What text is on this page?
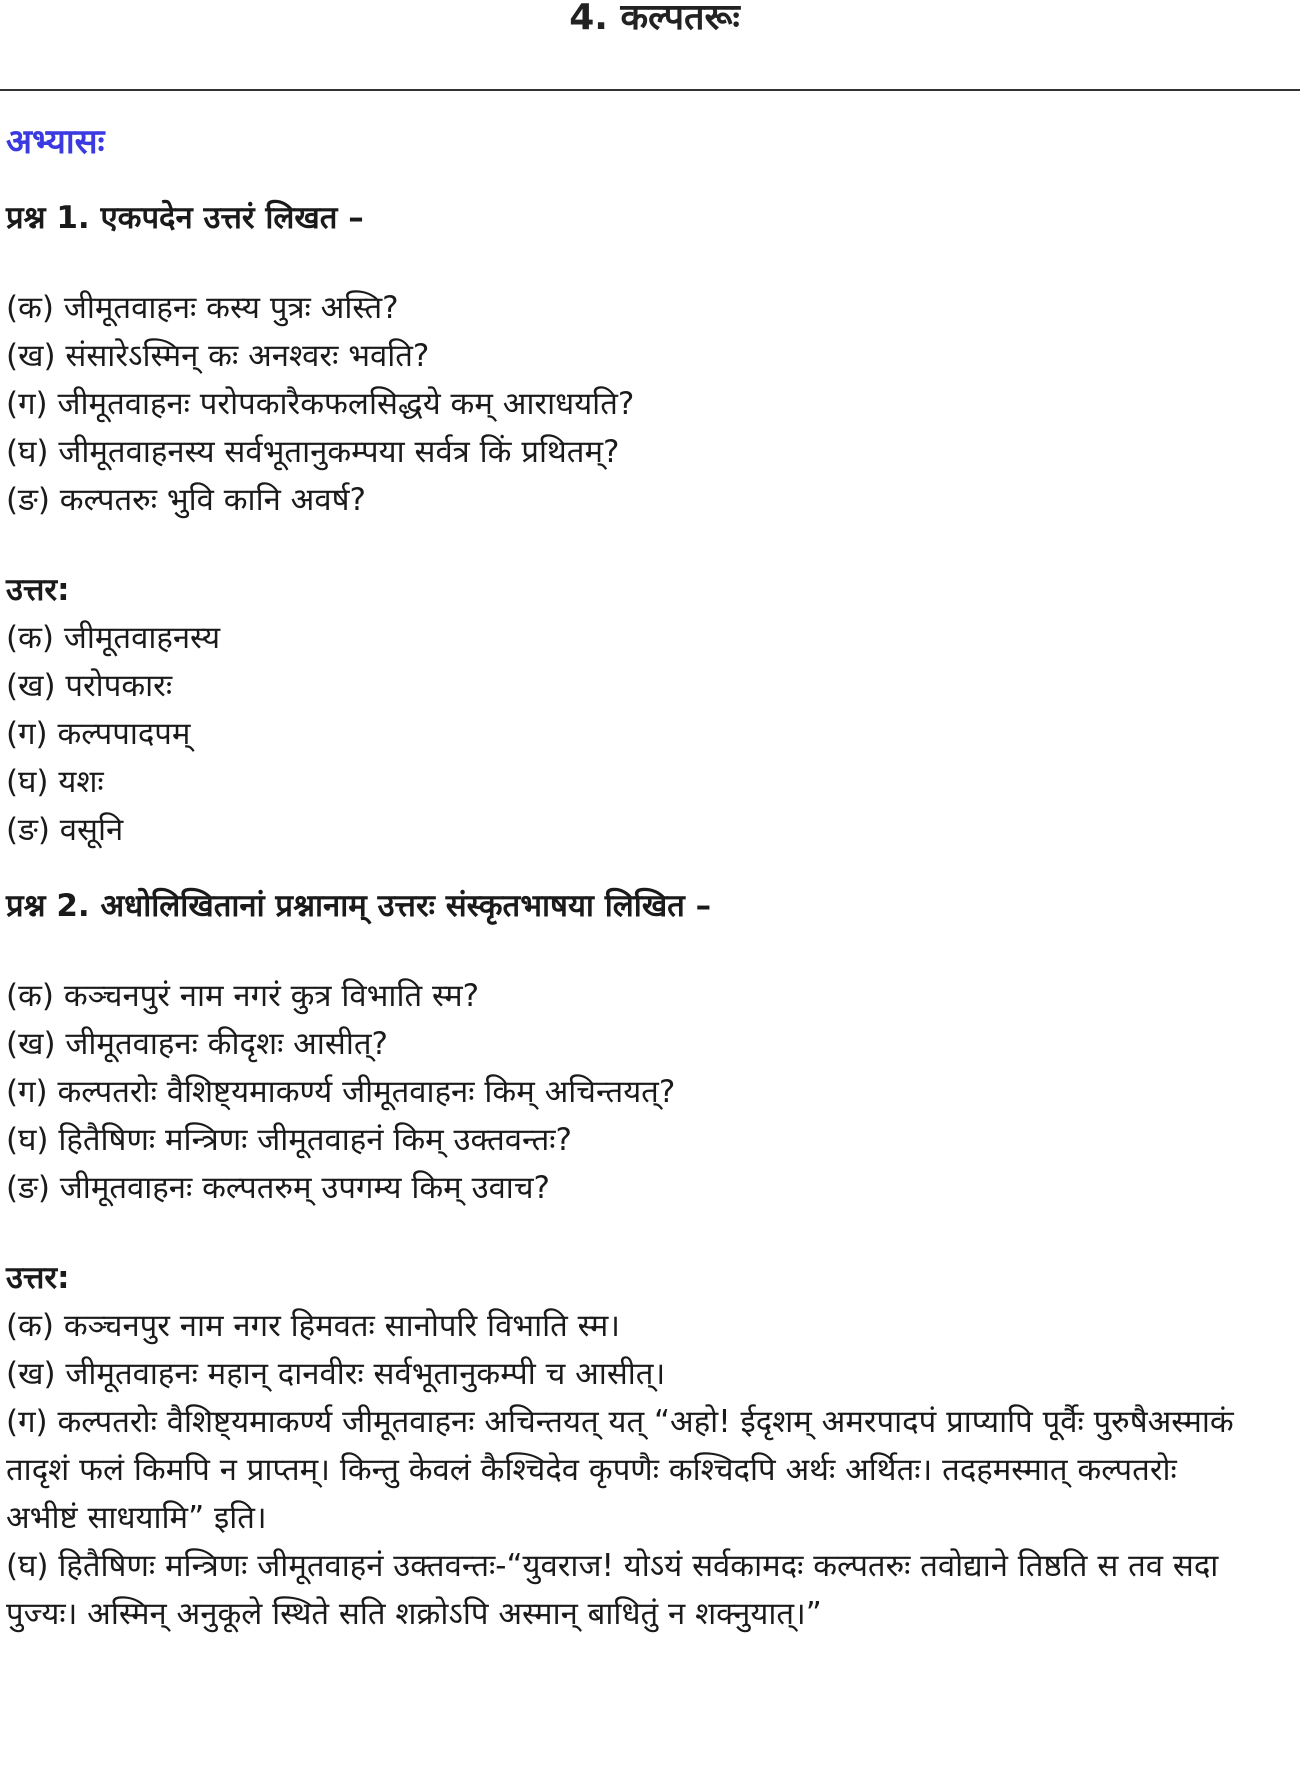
4. कल्पतरूः

अभ्यासः

प्रश्न 1. एकपदेन उत्तरं लिखत –

(क) जीमूतवाहनः कस्य पुत्रः अस्ति?

(ख) संसारेऽस्मिन् कः अनश्वरः भवति?

(ग) जीमूतवाहनः परोपकारैकफलसिद्धये कम् आराधयति?

(घ) जीमूतवाहनस्य सर्वभूतानुकम्पया सर्वत्र किं प्रथितम्?

(ङ) कल्पतरुः भुवि कानि अवर्ष?

उत्तर:

(क) जीमूतवाहनस्य

(ख) परोपकारः

(ग) कल्पपादपम्

(घ) यशः

(ङ) वसूनि

प्रश्न 2. अधोलिखितानां प्रश्नानाम् उत्तरः संस्कृतभाषया लिखित –

(क) कञ्चनपुरं नाम नगरं कुत्र विभाति स्म?

(ख) जीमूतवाहनः कीदृशः आसीत्?

(ग) कल्पतरोः वैशिष्ट्यमाकर्ण्य जीमूतवाहनः किम् अचिन्तयत्?

(घ) हितैषिणः मन्त्रिणः जीमूतवाहनं किम् उक्तवन्तः?

(ङ) जीमूतवाहनः कल्पतरुम् उपगम्य किम् उवाच?

उत्तर:

(क) कञ्चनपुर नाम नगर हिमवतः सानोपरि विभाति स्म।

(ख) जीमूतवाहनः महान् दानवीरः सर्वभूतानुकम्पी च आसीत्।

(ग) कल्पतरोः वैशिष्ट्यमाकर्ण्य जीमूतवाहनः अचिन्तयत् यत् “अहो! ईदृशम् अमरपादपं प्राप्यापि पूर्वैः पुरुषैअस्माकं तादृशं फलं किमपि न प्राप्तम्। किन्तु केवलं कैश्चिदेव कृपणैः कश्चिदपि अर्थः अर्थितः। तदहमस्मात् कल्पतरोः

अभीष्टं साधयामि” इति।

(घ) हितैषिणः मन्त्रिणः जीमूतवाहनं उक्तवन्तः-“युवराज! योऽयं सर्वकामदः कल्पतरुः तवोद्याने तिष्ठति स तव सदा पुज्यः। अस्मिन् अनुकूले स्थिते सति शक्रोऽपि अस्मान् बाधितुं न शक्नुयात्।”
